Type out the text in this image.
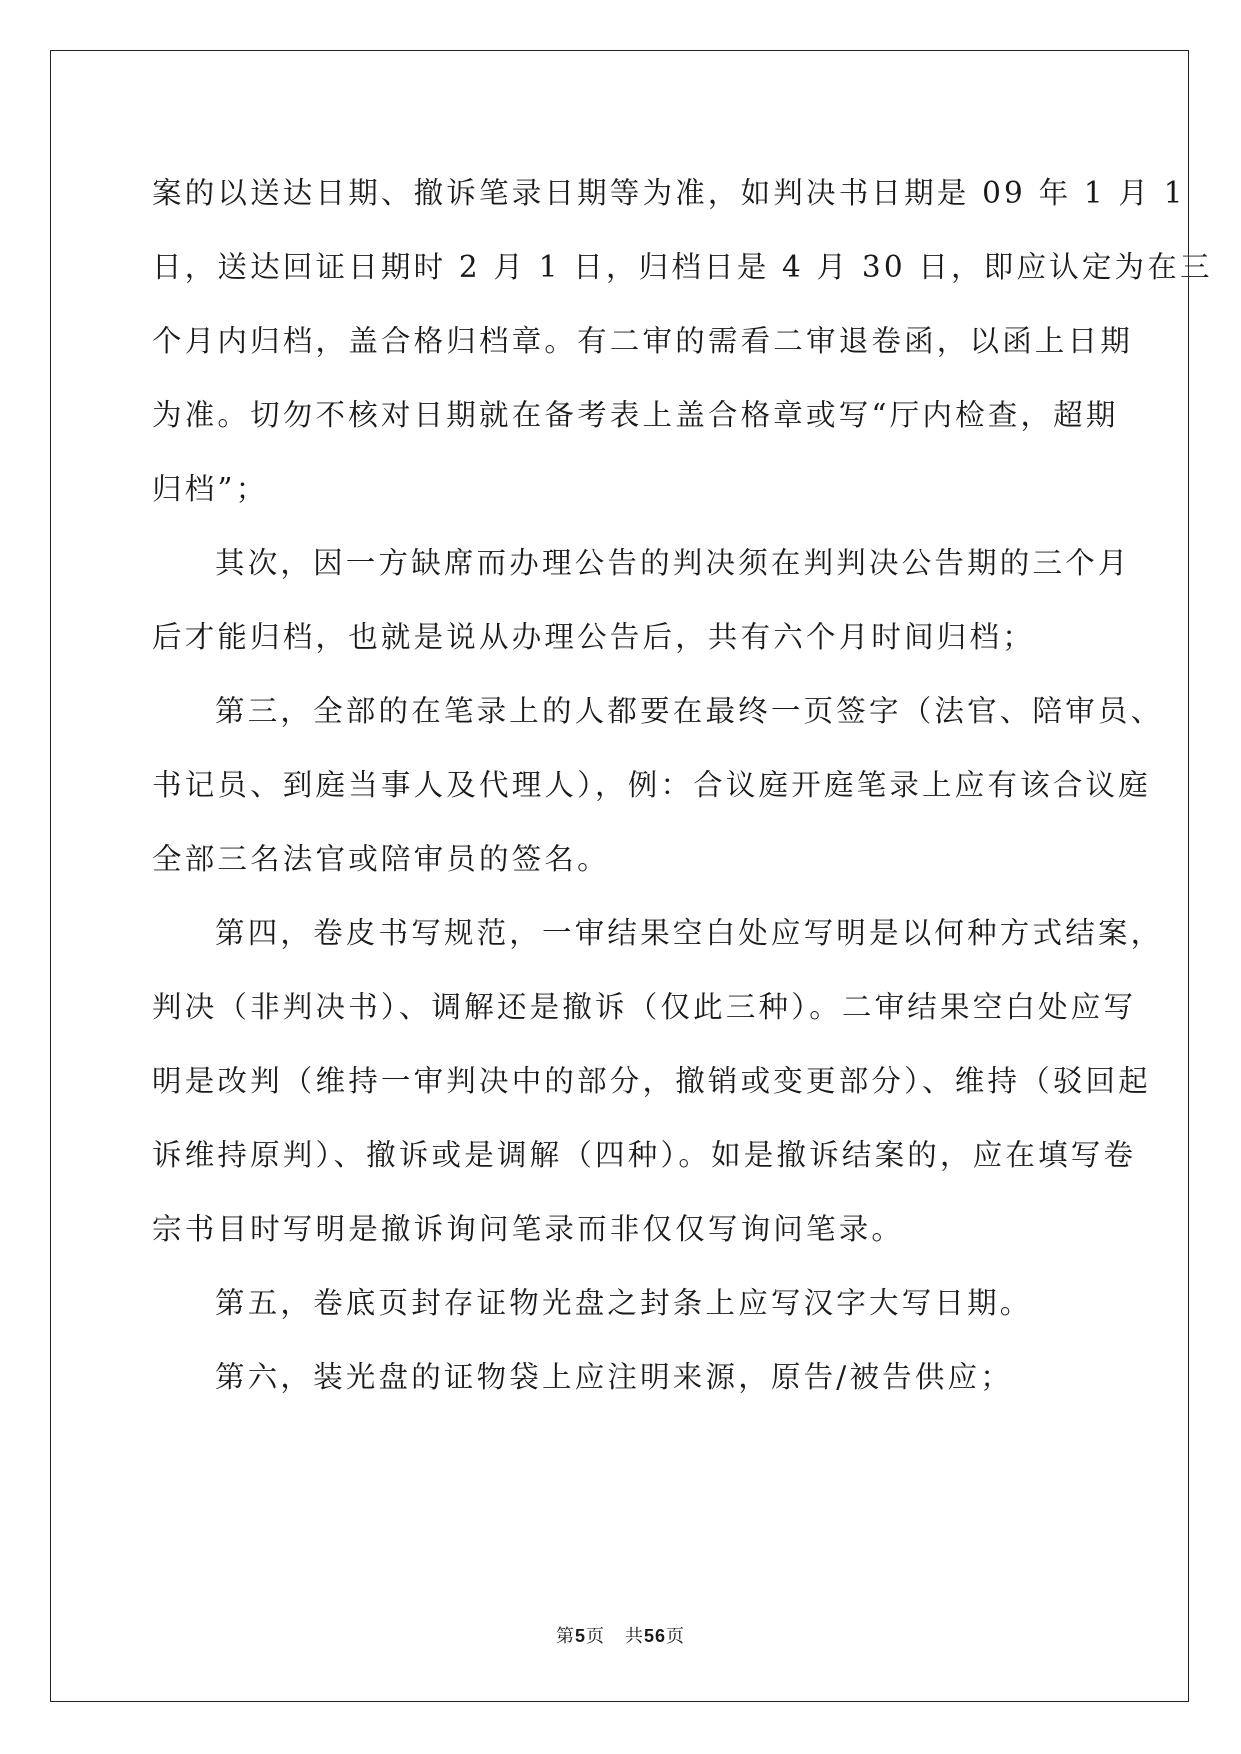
案的以送达日期、撤诉笔录日期等为准，如判决书日期是 09 年 1 月 1
日，送达回证日期时 2 月 1 日，归档日是 4 月 30 日，即应认定为在三
个月内归档，盖合格归档章。有二审的需看二审退卷函，以函上日期
为准。切勿不核对日期就在备考表上盖合格章或写“厅内检查，超期
归档”；
其次，因一方缺席而办理公告的判决须在判判决公告期的三个月
后才能归档，也就是说从办理公告后，共有六个月时间归档；
第三，全部的在笔录上的人都要在最终一页签字（法官、陪审员、
书记员、到庭当事人及代理人），例：合议庭开庭笔录上应有该合议庭
全部三名法官或陪审员的签名。
第四，卷皮书写规范，一审结果空白处应写明是以何种方式结案，
判决（非判决书）、调解还是撤诉（仅此三种）。二审结果空白处应写
明是改判（维持一审判决中的部分，撤销或变更部分）、维持（驳回起
诉维持原判）、撤诉或是调解（四种）。如是撤诉结案的，应在填写卷
宗书目时写明是撤诉询问笔录而非仅仅写询问笔录。
第五，卷底页封存证物光盘之封条上应写汉字大写日期。
第六，装光盘的证物袋上应注明来源，原告/被告供应；
第5页 共56页
